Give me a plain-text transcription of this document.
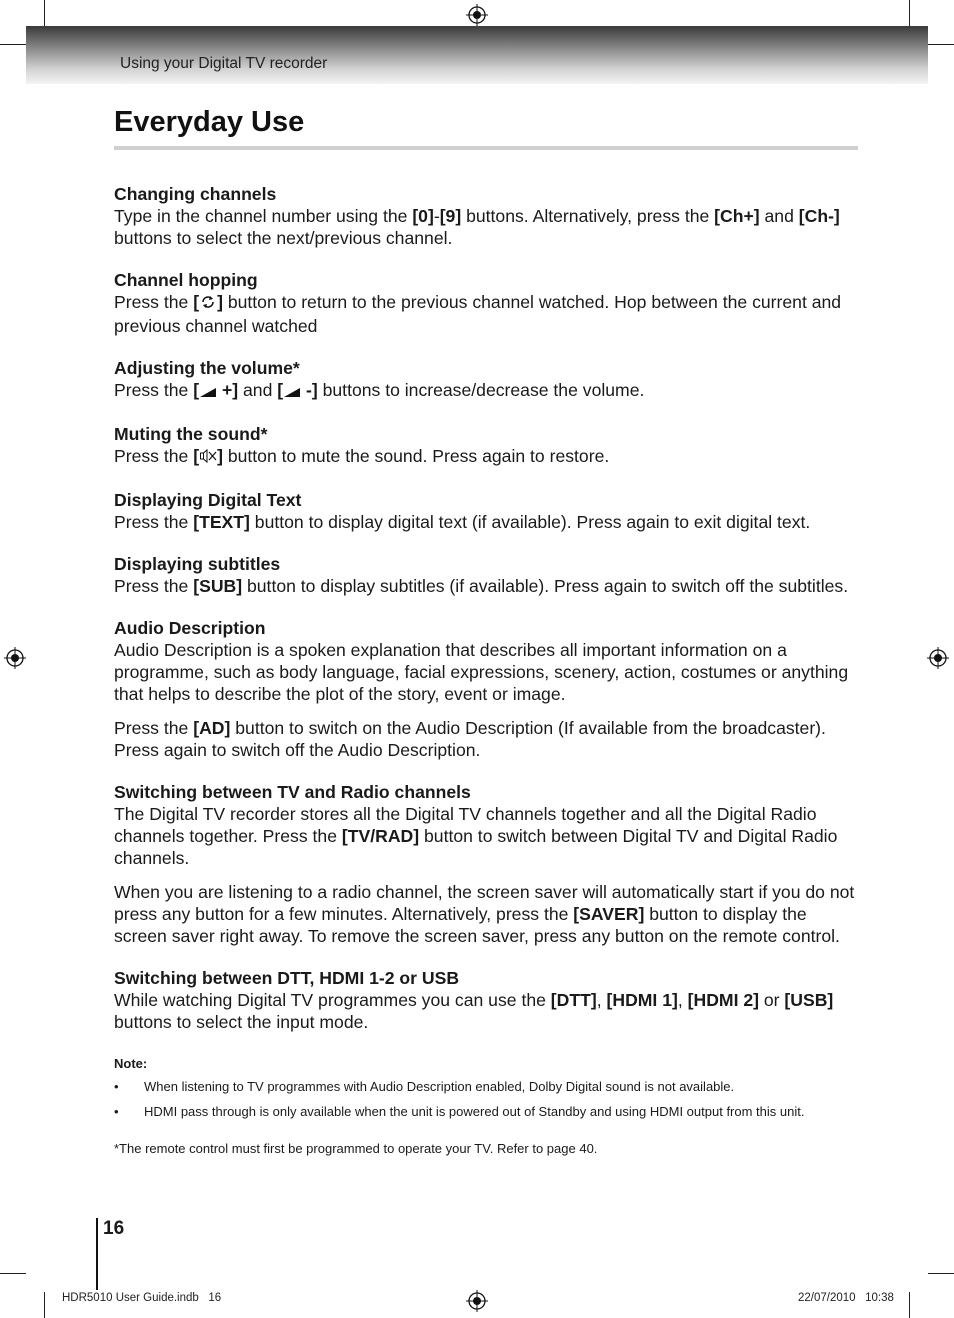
Using your Digital TV recorder
Everyday Use
Changing channels
Type in the channel number using the [0]-[9] buttons. Alternatively, press the [Ch+] and [Ch-] buttons to select the next/previous channel.
Channel hopping
Press the [ ] button to return to the previous channel watched. Hop between the current and previous channel watched
Adjusting the volume*
Press the [ +] and [ -] buttons to increase/decrease the volume.
Muting the sound*
Press the [ ] button to mute the sound. Press again to restore.
Displaying Digital Text
Press the [TEXT] button to display digital text (if available). Press again to exit digital text.
Displaying subtitles
Press the [SUB] button to display subtitles (if available). Press again to switch off the subtitles.
Audio Description
Audio Description is a spoken explanation that describes all important information on a programme, such as body language, facial expressions, scenery, action, costumes or anything that helps to describe the plot of the story, event or image.
Press the [AD] button to switch on the Audio Description (If available from the broadcaster). Press again to switch off the Audio Description.
Switching between TV and Radio channels
The Digital TV recorder stores all the Digital TV channels together and all the Digital Radio channels together. Press the [TV/RAD] button to switch between Digital TV and Digital Radio channels.
When you are listening to a radio channel, the screen saver will automatically start if you do not press any button for a few minutes. Alternatively, press the [SAVER] button to display the screen saver right away. To remove the screen saver, press any button on the remote control.
Switching between DTT, HDMI 1-2 or USB
While watching Digital TV programmes you can use the [DTT], [HDMI 1], [HDMI 2] or [USB] buttons to select the input mode.
Note:
• When listening to TV programmes with Audio Description enabled, Dolby Digital sound is not available.
• HDMI pass through is only available when the unit is powered out of Standby and using HDMI output from this unit.
*The remote control must first be programmed to operate your TV. Refer to page 40.
16
HDR5010 User Guide.indb   16	22/07/2010   10:38
